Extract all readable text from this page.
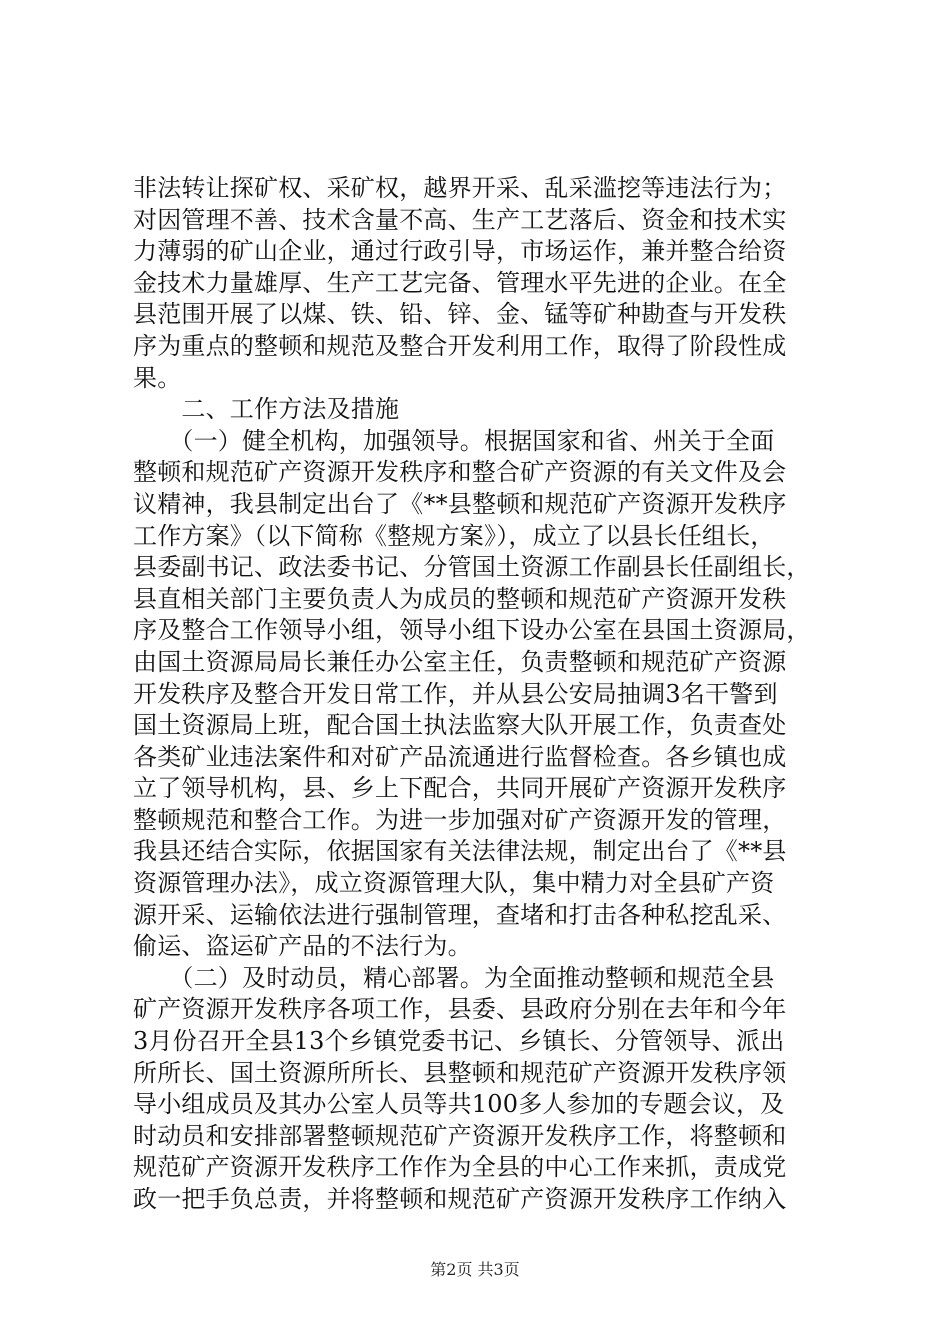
非法转让探矿权、采矿权，越界开采、乱采滥挖等违法行为；
对因管理不善、技术含量不高、生产工艺落后、资金和技术实
力薄弱的矿山企业，通过行政引导，市场运作，兼并整合给资
金技术力量雄厚、生产工艺完备、管理水平先进的企业。在全
县范围开展了以煤、铁、铅、锌、金、锰等矿种勘查与开发秩
序为重点的整顿和规范及整合开发利用工作，取得了阶段性成
果。
　　二、工作方法及措施
　　（一）健全机构，加强领导。根据国家和省、州关于全面
整顿和规范矿产资源开发秩序和整合矿产资源的有关文件及会
议精神，我县制定出台了《**县整顿和规范矿产资源开发秩序
工作方案》（以下简称《整规方案》），成立了以县长任组长，
县委副书记、政法委书记、分管国土资源工作副县长任副组长，
县直相关部门主要负责人为成员的整顿和规范矿产资源开发秩
序及整合工作领导小组，领导小组下设办公室在县国土资源局，
由国土资源局局长兼任办公室主任，负责整顿和规范矿产资源
开发秩序及整合开发日常工作，并从县公安局抽调3名干警到
国土资源局上班，配合国土执法监察大队开展工作，负责查处
各类矿业违法案件和对矿产品流通进行监督检查。各乡镇也成
立了领导机构，县、乡上下配合，共同开展矿产资源开发秩序
整顿规范和整合工作。为进一步加强对矿产资源开发的管理，
我县还结合实际，依据国家有关法律法规，制定出台了《**县
资源管理办法》，成立资源管理大队，集中精力对全县矿产资
源开采、运输依法进行强制管理，查堵和打击各种私挖乱采、
偷运、盗运矿产品的不法行为。
　　（二）及时动员，精心部署。为全面推动整顿和规范全县
矿产资源开发秩序各项工作，县委、县政府分别在去年和今年
3月份召开全县13个乡镇党委书记、乡镇长、分管领导、派出
所所长、国土资源所所长、县整顿和规范矿产资源开发秩序领
导小组成员及其办公室人员等共100多人参加的专题会议，及
时动员和安排部署整顿规范矿产资源开发秩序工作，将整顿和
规范矿产资源开发秩序工作作为全县的中心工作来抓，责成党
政一把手负总责，并将整顿和规范矿产资源开发秩序工作纳入
第2页 共3页
